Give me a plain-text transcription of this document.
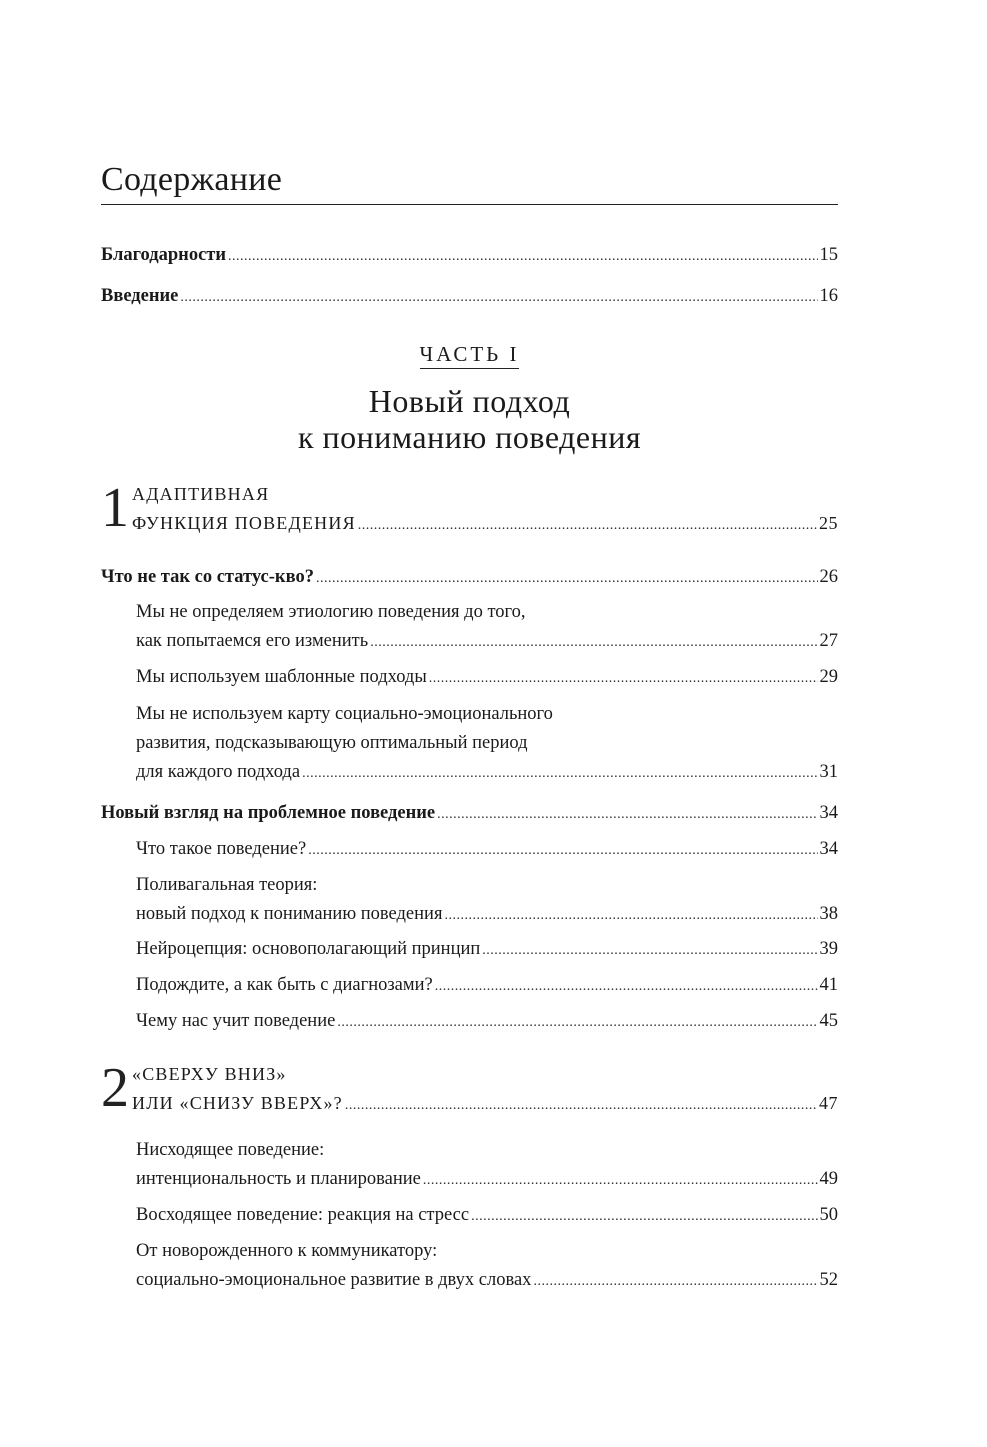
Содержание
Благодарности .....	15
Введение .....	16
ЧАСТЬ I
Новый подход
к пониманию поведения
1 АДАПТИВНАЯ
ФУНКЦИЯ ПОВЕДЕНИЯ .....	25
Что не так со статус-кво? .....	26
Мы не определяем этиологию поведения до того,
как попытаемся его изменить .....	27
Мы используем шаблонные подходы .....	29
Мы не используем карту социально-эмоционального
развития, подсказывающую оптимальный период
для каждого подхода .....	31
Новый взгляд на проблемное поведение .....	34
Что такое поведение? .....	34
Поливагальная теория:
новый подход к пониманию поведения .....	38
Нейроцепция: основополагающий принцип .....	39
Подождите, а как быть с диагнозами? .....	41
Чему нас учит поведение .....	45
2 «СВЕРХУ ВНИЗ»
ИЛИ «СНИЗУ ВВЕРХ»? .....	47
Нисходящее поведение:
интенциональность и планирование .....	49
Восходящее поведение: реакция на стресс .....	50
От новорожденного к коммуникатору:
социально-эмоциональное развитие в двух словах .....	52
